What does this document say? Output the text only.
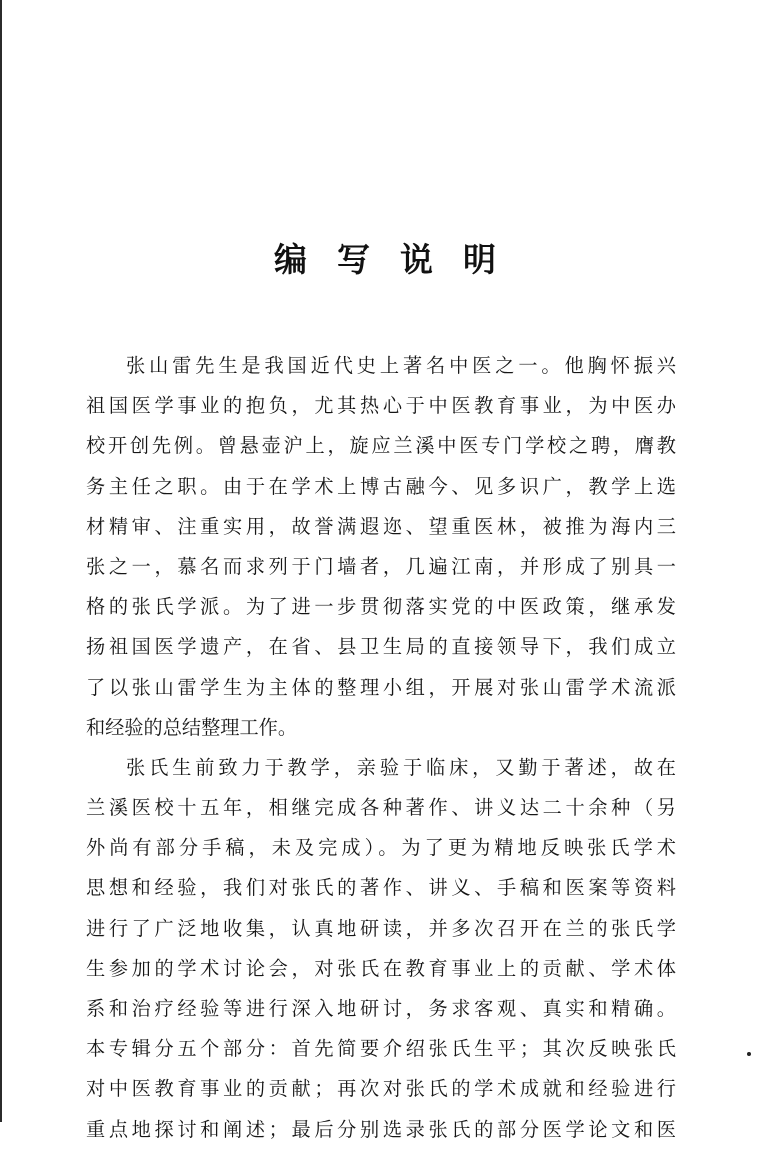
编写说明
张山雷先生是我国近代史上著名中医之一。他胸怀振兴
祖国医学事业的抱负，尤其热心于中医教育事业，为中医办
校开创先例。曾悬壶沪上，旋应兰溪中医专门学校之聘，膺教
务主任之职。由于在学术上博古融今、见多识广，教学上选
材精审、注重实用，故誉满遐迩、望重医林，被推为海内三
张之一，慕名而求列于门墙者，几遍江南，并形成了别具一
格的张氏学派。为了进一步贯彻落实党的中医政策，继承发
扬祖国医学遗产，在省、县卫生局的直接领导下，我们成立
了以张山雷学生为主体的整理小组，开展对张山雷学术流派
和经验的总结整理工作。
张氏生前致力于教学，亲验于临床，又勤于著述，故在
兰溪医校十五年，相继完成各种著作、讲义达二十余种（另
外尚有部分手稿，未及完成）。为了更为精地反映张氏学术
思想和经验，我们对张氏的著作、讲义、手稿和医案等资料
进行了广泛地收集，认真地研读，并多次召开在兰的张氏学
生参加的学术讨论会，对张氏在教育事业上的贡献、学术体
系和治疗经验等进行深入地研讨，务求客观、真实和精确。
本专辑分五个部分：首先简要介绍张氏生平；其次反映张氏
对中医教育事业的贡献；再次对张氏的学术成就和经验进行
重点地探讨和阐述；最后分别选录张氏的部分医学论文和医
